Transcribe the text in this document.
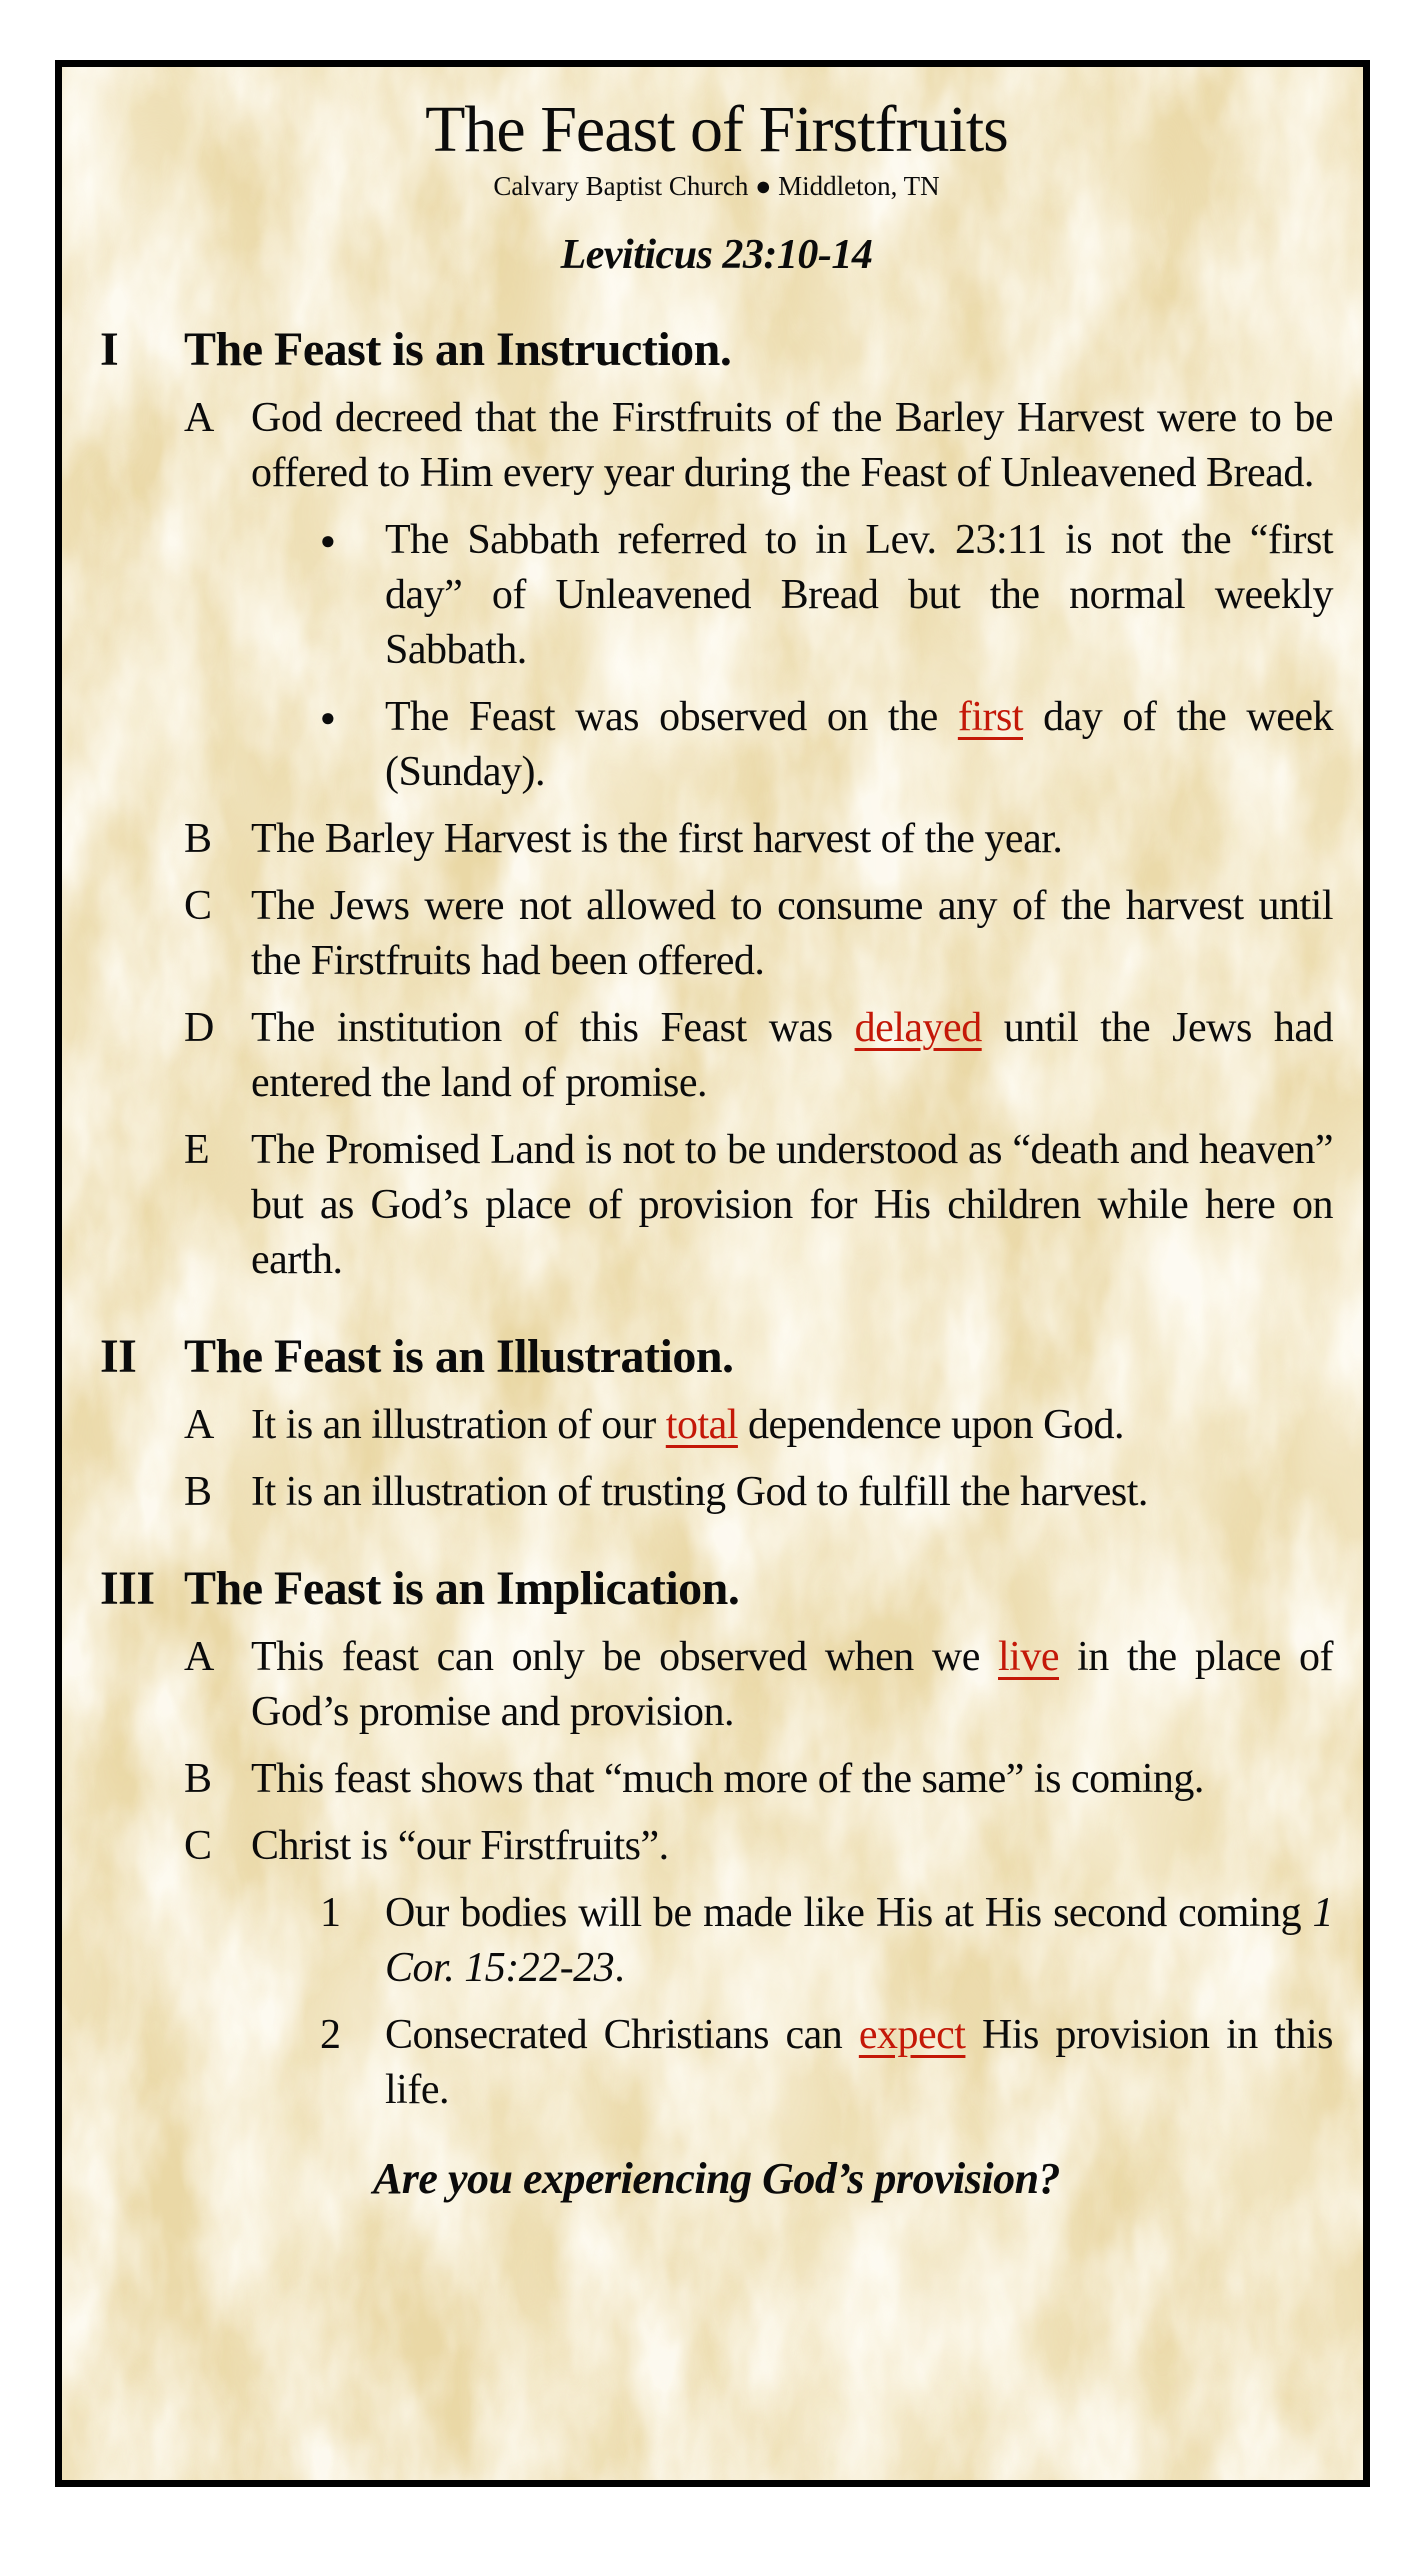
The Feast of Firstfruits
Calvary Baptist Church ● Middleton, TN
Leviticus 23:10-14
I	The Feast is an Instruction.
A God decreed that the Firstfruits of the Barley Harvest were to be offered to Him every year during the Feast of Unleavened Bread.
●	The Sabbath referred to in Lev. 23:11 is not the “first day” of Unleavened Bread but the normal weekly Sabbath.
●	The Feast was observed on the first day of the week (Sunday).
B The Barley Harvest is the first harvest of the year.
C The Jews were not allowed to consume any of the harvest until the Firstfruits had been offered.
D The institution of this Feast was delayed until the Jews had entered the land of promise.
E The Promised Land is not to be understood as “death and heaven” but as God’s place of provision for His children while here on earth.
II The Feast is an Illustration.
A It is an illustration of our total dependence upon God.
B It is an illustration of trusting God to fulfill the harvest.
III The Feast is an Implication.
A This feast can only be observed when we live in the place of God’s promise and provision.
B This feast shows that “much more of the same” is coming.
C Christ is “our Firstfruits”.
1	Our bodies will be made like His at His second coming 1 Cor. 15:22-23.
2	Consecrated Christians can expect His provision in this life.
Are you experiencing God’s provision?
